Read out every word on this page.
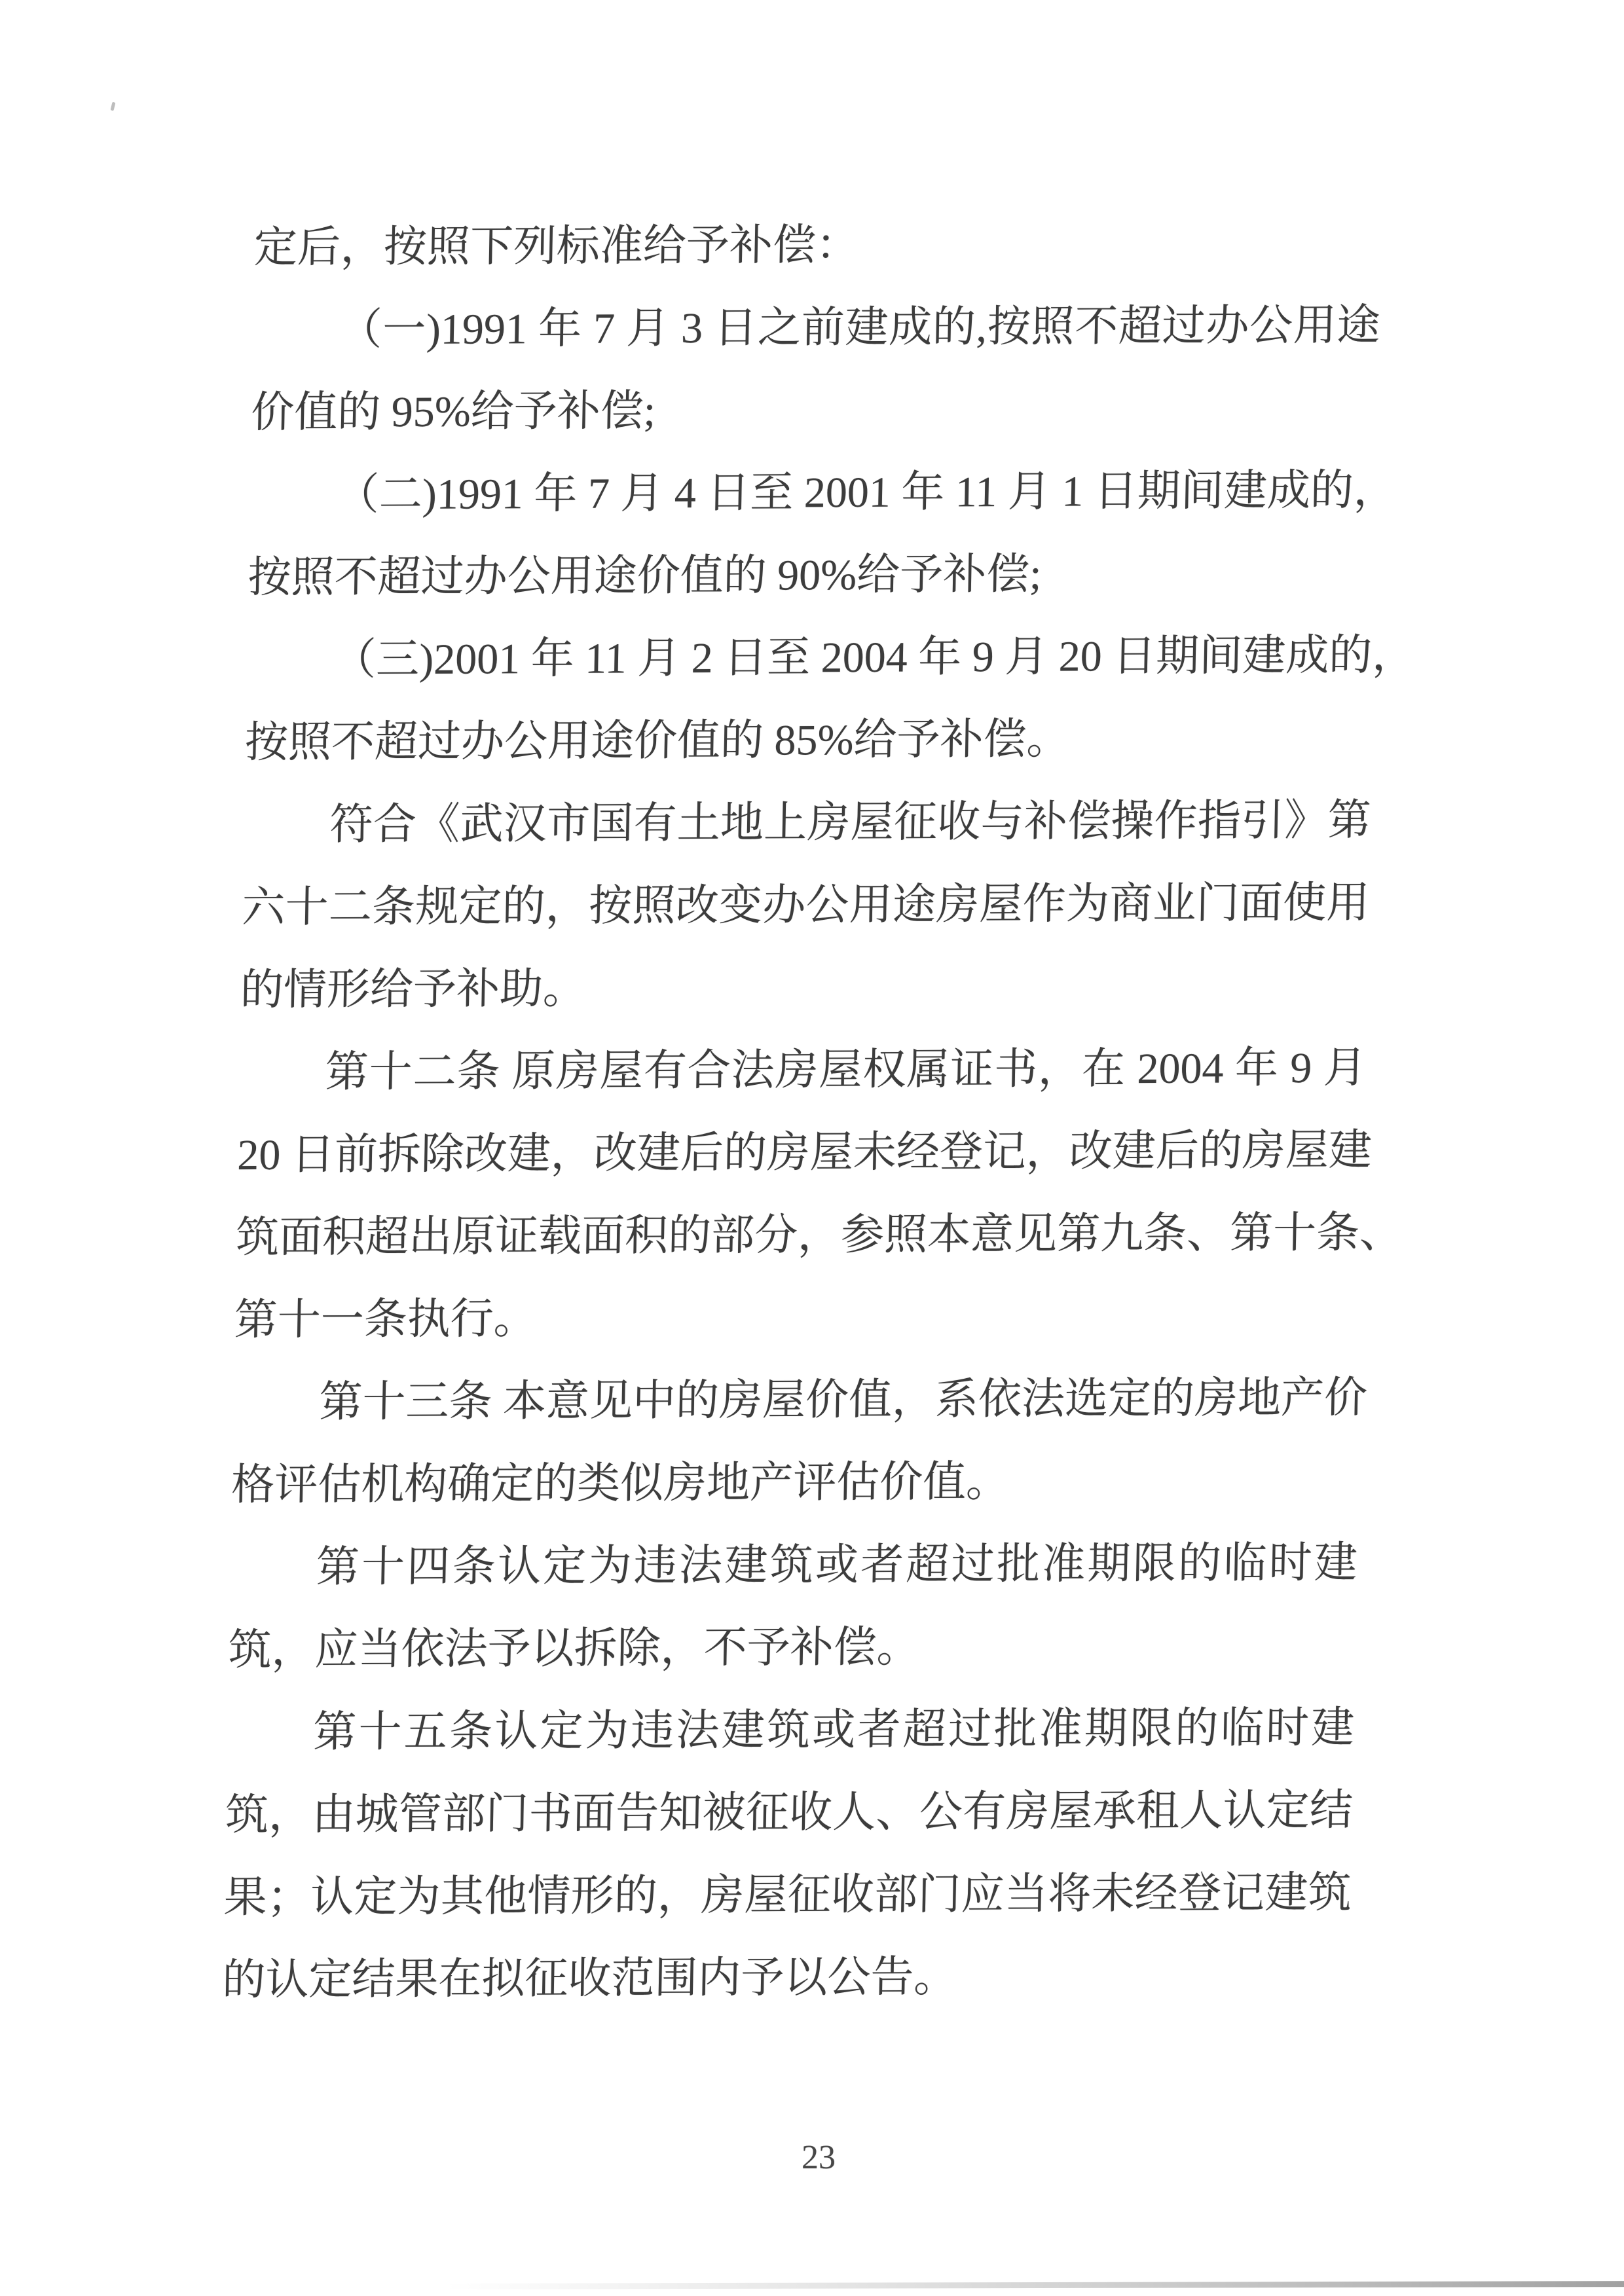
定后，按照下列标准给予补偿：
（一)1991 年 7 月 3 日之前建成的,按照不超过办公用途
价值的 95%给予补偿;
（二)1991 年 7 月 4 日至 2001 年 11 月 1 日期间建成的，
按照不超过办公用途价值的 90%给予补偿;
（三)2001 年 11 月 2 日至 2004 年 9 月 20 日期间建成的，
按照不超过办公用途价值的 85%给予补偿。
符合《武汉市国有土地上房屋征收与补偿操作指引》第
六十二条规定的，按照改变办公用途房屋作为商业门面使用
的情形给予补助。
第十二条 原房屋有合法房屋权属证书，在 2004 年 9 月
20 日前拆除改建，改建后的房屋未经登记，改建后的房屋建
筑面积超出原证载面积的部分，参照本意见第九条、第十条、
第十一条执行。
第十三条 本意见中的房屋价值，系依法选定的房地产价
格评估机构确定的类似房地产评估价值。
第十四条认定为违法建筑或者超过批准期限的临时建
筑，应当依法予以拆除，不予补偿。
第十五条认定为违法建筑或者超过批准期限的临时建
筑，由城管部门书面告知被征收人、公有房屋承租人认定结
果；认定为其他情形的，房屋征收部门应当将未经登记建筑
的认定结果在拟征收范围内予以公告。
23
